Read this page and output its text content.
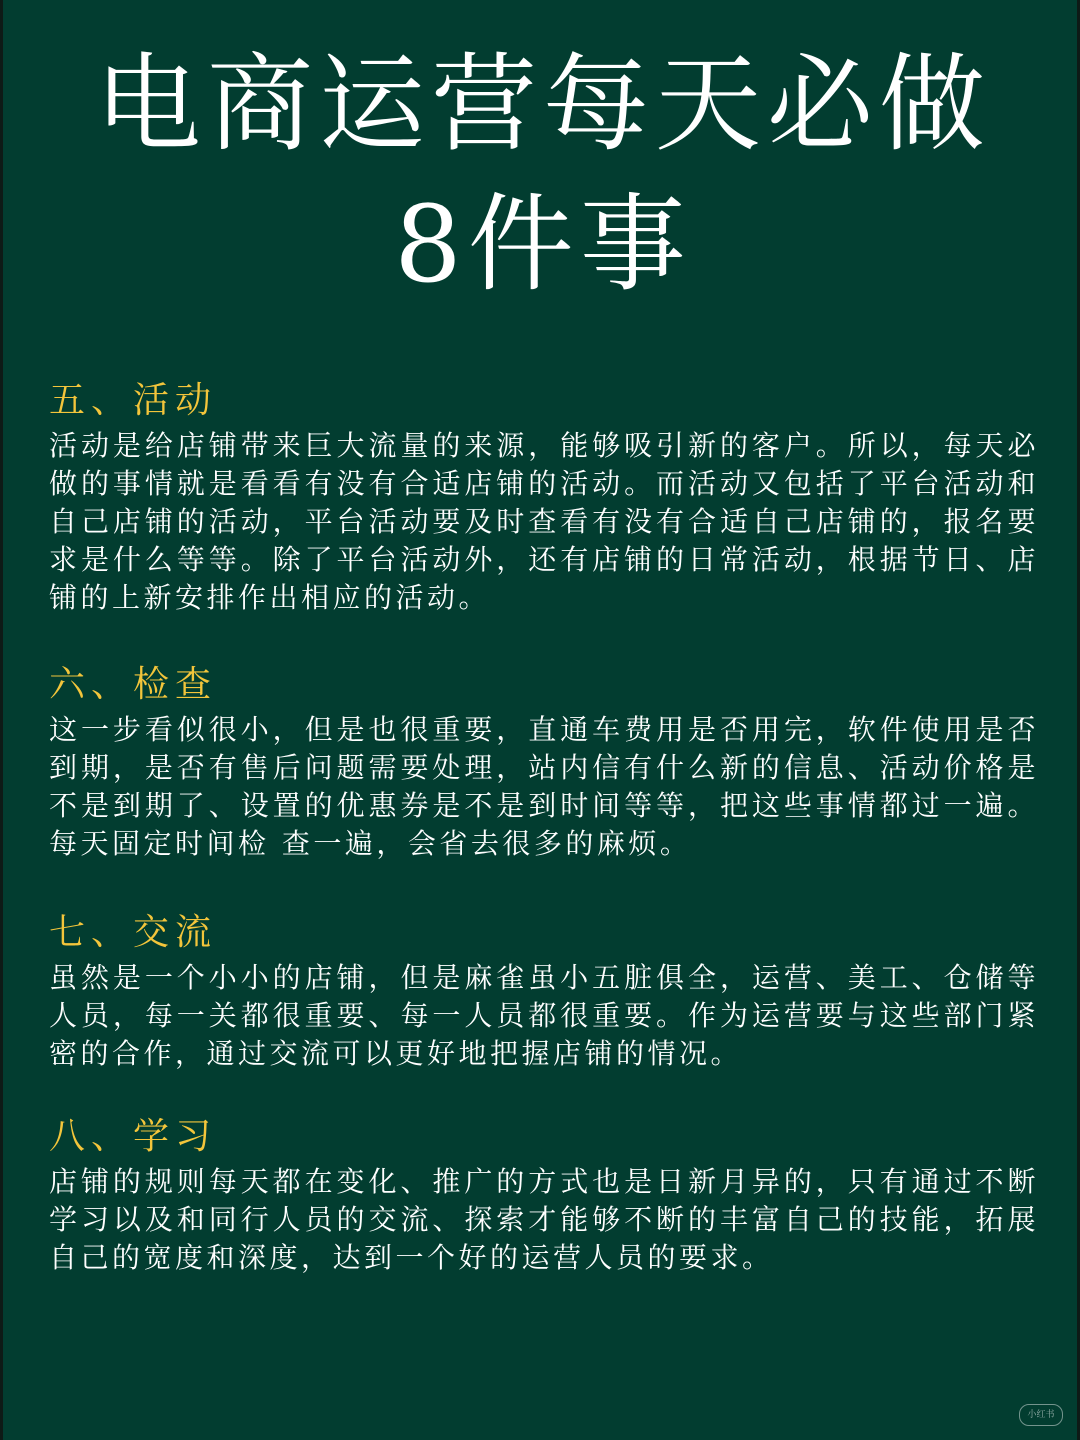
电商运营每天必做
8件事
五、活动
活动是给店铺带来巨大流量的来源，能够吸引新的客户。所以，每天必做的事情就是看看有没有合适店铺的活动。而活动又包括了平台活动和自己店铺的活动，平台活动要及时查看有没有合适自己店铺的，报名要求是什么等等。除了平台活动外，还有店铺的日常活动，根据节日、店铺的上新安排作出相应的活动。
六、检查
这一步看似很小，但是也很重要，直通车费用是否用完，软件使用是否到期，是否有售后问题需要处理，站内信有什么新的信息、活动价格是不是到期了、设置的优惠券是不是到时间等等，把这些事情都过一遍。每天固定时间检 查一遍，会省去很多的麻烦。
七、交流
虽然是一个小小的店铺，但是麻雀虽小五脏俱全，运营、美工、仓储等人员，每一关都很重要、每一人员都很重要。作为运营要与这些部门紧密的合作，通过交流可以更好地把握店铺的情况。
八、学习
店铺的规则每天都在变化、推广的方式也是日新月异的，只有通过不断学习以及和同行人员的交流、探索才能够不断的丰富自己的技能，拓展自己的宽度和深度，达到一个好的运营人员的要求。
小红书
